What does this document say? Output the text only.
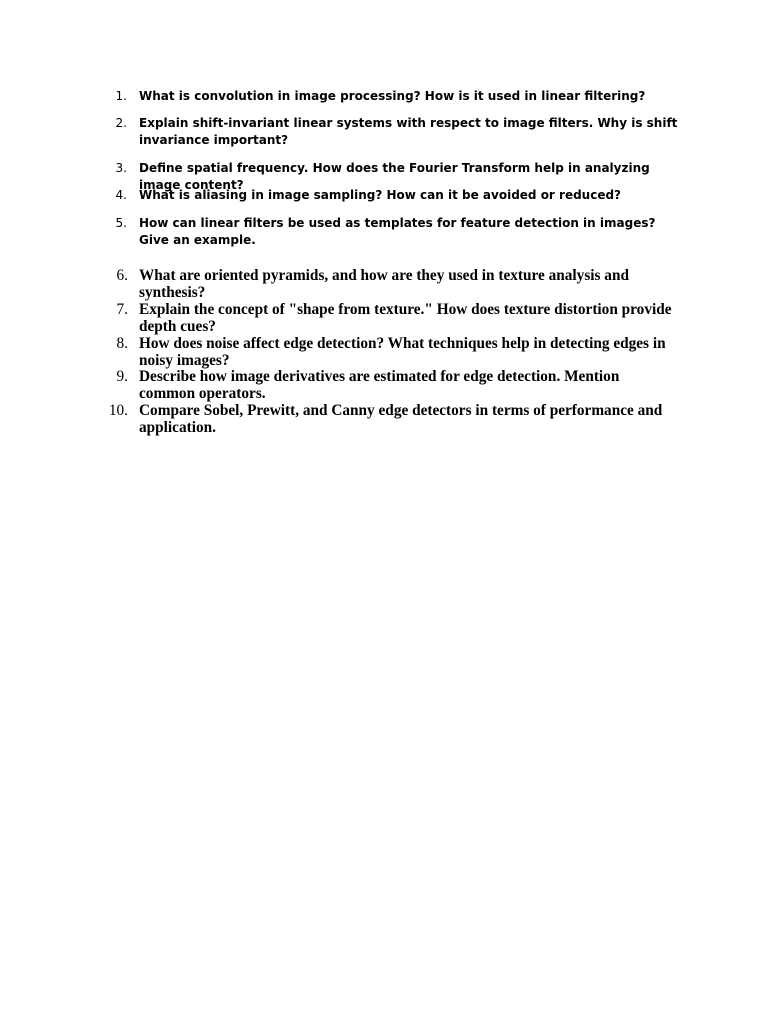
1. What is convolution in image processing? How is it used in linear filtering?
2. Explain shift-invariant linear systems with respect to image filters. Why is shift invariance important?
3. Define spatial frequency. How does the Fourier Transform help in analyzing image content?
4. What is aliasing in image sampling? How can it be avoided or reduced?
5. How can linear filters be used as templates for feature detection in images? Give an example.
6. What are oriented pyramids, and how are they used in texture analysis and synthesis?
7. Explain the concept of "shape from texture." How does texture distortion provide depth cues?
8. How does noise affect edge detection? What techniques help in detecting edges in noisy images?
9. Describe how image derivatives are estimated for edge detection. Mention common operators.
10. Compare Sobel, Prewitt, and Canny edge detectors in terms of performance and application.
